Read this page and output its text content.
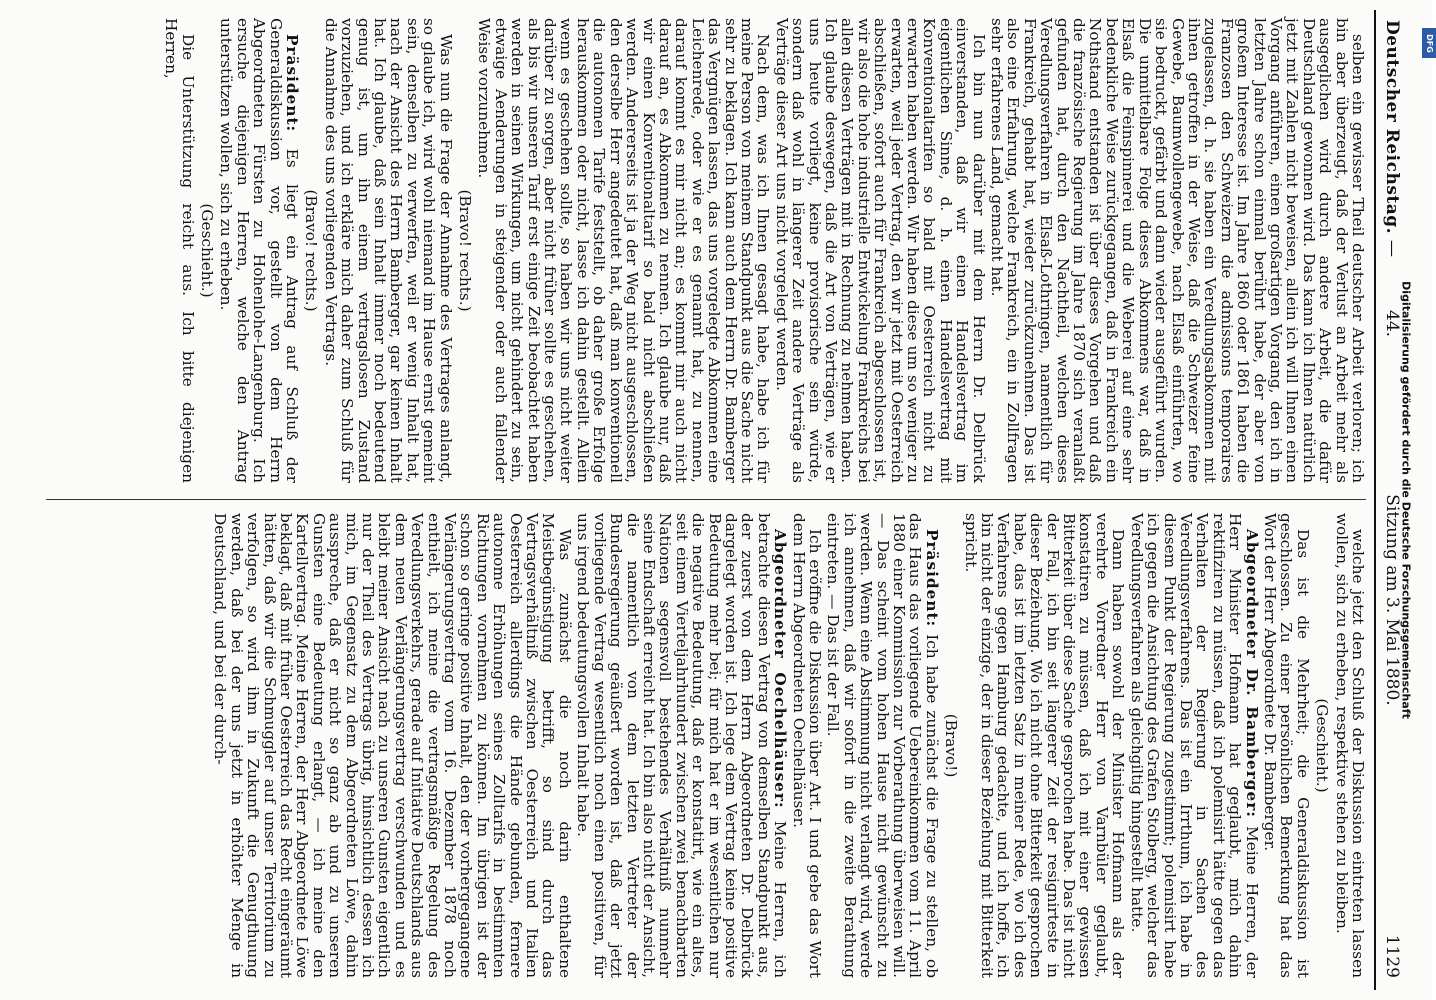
Deutscher Reichstag.
—
44.
Sitzung am 3. Mai 1880.
1129

selben ein gewisser Theil deutscher Arbeit verloren; ich bin aber überzeugt, daß der Verlust an Arbeit mehr als ausgeglichen wird durch andere Arbeit, die dafür Deutschland gewonnen wird. Das kann ich Ihnen natürlich jetzt mit Zahlen nicht beweisen, allein ich will Ihnen einen Vorgang anführen, einen großartigen Vorgang, den ich in letzten Jahre schon einmal berührt habe, der aber von großem Interesse ist. Im Jahre 1860 oder 1861 haben die Franzosen den Schweizern die admissions temporaires zugelassen, d. h. sie haben ein Veredlungsabkommen mit ihnen getroffen in der Weise, daß die Schweizer feine Gewebe, Baumwollengewebe, nach Elsaß einführten, wo sie bedruckt, gefärbt und dann wieder ausgeführt wurden. Die unmittelbare Folge dieses Abkommens war, daß in Elsaß die Feinspinnerei und die Weberei auf eine sehr bedenkliche Weise zurückgegangen, daß in Frankreich ein Nothstand entstanden ist über dieses Vorgehen und daß die französische Regierung im Jahre 1870 sich veranlaßt gefunden hat, durch den Nachtheil, welchen dieses Veredlungsverfahren in Elsaß-Lothringen, namentlich für Frankreich, gehabt hat, wieder zurückzunehmen. Das ist also eine Erfahrung, welche Frankreich, ein in Zollfragen sehr erfahrenes Land, gemacht hat.

Ich bin nun darüber mit dem Herrn Dr. Delbrück einverstanden, daß wir einen Handelsvertrag im eigentlichen Sinne, d. h. einen Handelsvertrag mit Konventionaltarifen so bald mit Oesterreich nicht zu erwarten haben werden. Wir haben diese um so weniger zu erwarten, weil jeder Vertrag, den wir jetzt mit Oesterreich abschließen, sofort auch für Frankreich abgeschlossen ist, wir also die hohe industrielle Entwickelung Frankreichs bei allen diesen Verträgen mit in Rechnung zu nehmen haben. Ich glaube deswegen, daß die Art von Verträgen, wie er uns heute vorliegt, keine provisorische sein würde, sondern daß wohl in längerer Zeit andere Verträge als Verträge dieser Art uns nicht vorgelegt werden.

Nach dem, was ich Ihnen gesagt habe, habe ich für meine Person von meinem Standpunkt aus die Sache nicht sehr zu beklagen. Ich kann auch dem Herrn Dr. Bamberger das Vergnügen lassen, das uns vorgelegte Abkommen eine Leichenrede, oder wie er es genannt hat, zu nennen, darauf kommt es mir nicht an; es kommt mir auch nicht darauf an, es Abkommen zu nennen. Ich glaube nur, daß wir einen Konventionaltarif so bald nicht abschließen werden. Andererseits ist ja der Weg nicht ausgeschlossen, den derselbe Herr angedeutet hat, daß man konventionell die autonomen Tarife feststellt, ob daher große Erfolge herauskommen oder nicht, lasse ich dahin gestellt. Allein wenn es geschehen sollte, so haben wir uns nicht weiter darüber zu sorgen, aber nicht früher sollte es geschehen, als bis wir unseren Tarif erst einige Zeit beobachtet haben werden in seinen Wirkungen, um nicht gehindert zu sein, etwaige Aenderungen in steigender oder auch fallender Weise vorzunehmen.

(Bravo! rechts.)

Was nun die Frage der Annahme des Vertrages anlangt, so glaube ich, wird wohl niemand im Hause ernst gemeint sein, denselben zu verwerfen, weil er wenig Inhalt hat, nach der Ansicht des Herrn Bamberger, gar keinen Inhalt hat. Ich glaube, daß sein Inhalt immer noch bedeutend genug ist, um ihn einem vertragslosen Zustand vorzuziehen, und ich erkläre mich daher zum Schluß für die Annahme des uns vorliegenden Vertrags.

(Bravo! rechts.)

Präsident: Es liegt ein Antrag auf Schluß der Generaldiskussion vor, gestellt von dem Herrn Abgeordneten Fürsten zu Hohenlohe-Langenburg. Ich ersuche diejenigen Herren, welche den Antrag unterstützen wollen, sich zu erheben.

(Geschieht.)

Die Unterstützung reicht aus. Ich bitte diejenigen Herren,

welche jetzt den Schluß der Diskussion eintreten lassen wollen, sich zu erheben, respektive stehen zu bleiben.

(Geschieht.)

Das ist die Mehrheit; die Generaldiskussion ist geschlossen. Zu einer persönlichen Bemerkung hat das Wort der Herr Abgeordnete Dr. Bamberger.

Abgeordneter Dr. Bamberger: Meine Herren, der Herr Minister Hofmann hat geglaubt, mich dahin rektifiziren zu müssen, daß ich polemisirt hätte gegen das Verhalten der Regierung in Sachen des Veredlungsverfahrens. Das ist ein Irrthum, ich habe in diesem Punkt der Regierung zugestimmt; polemisirt habe ich gegen die Ansichtung des Grafen Stolberg, welcher das Veredlungsverfahren als gleichgiltig hingestellt hatte.

Dann haben sowohl der Minister Hofmann als der verehrte Vorredner Herr von Varnbüler geglaubt, konstatiren zu müssen, daß ich mit einer gewissen Bitterkeit über diese Sache gesprochen habe. Das ist nicht der Fall, ich bin seit längerer Zeit der resignirteste in dieser Beziehung. Wo ich nicht ohne Bitterkeit gesprochen habe, das ist im letzten Satz in meiner Rede, wo ich des Verfahrens gegen Hamburg gedachte, und ich hoffe, ich bin nicht der einzige, der in dieser Beziehung mit Bitterkeit spricht.

(Bravo!)

Präsident: Ich habe zunächst die Frage zu stellen, ob das Haus das vorliegende Uebereinkommen vom 11. April 1880 einer Kommission zur Vorberathung überweisen will. — Das scheint vom hohen Hause nicht gewünscht zu werden. Wenn eine Abstimmung nicht verlangt wird, werde ich annehmen, daß wir sofort in die zweite Berathung eintreten. — Das ist der Fall.

Ich eröffne die Diskussion über Art. I und gebe das Wort dem Herrn Abgeordneten Oechelhäuser.

Abgeordneter Oechelhäuser: Meine Herren, ich betrachte diesen Vertrag von demselben Standpunkt aus, der zuerst von dem Herrn Abgeordneten Dr. Delbrück dargelegt worden ist. Ich lege dem Vertrag keine positive Bedeutung mehr bei; für mich hat er im wesentlichen nur die negative Bedeutung, daß er konstatirt, wie ein altes, seit einem Vierteljahrhundert zwischen zwei benachbarten Nationen segensvoll bestehendes Verhältniß nunmehr seine Endschaft erreicht hat. Ich bin also nicht der Ansicht, die namentlich von dem letzten Vertreter der Bundesregierung geäußert worden ist, daß der jetzt vorliegende Vertrag wesentlich noch einen positiven, für uns irgend bedeutungsvollen Inhalt habe.

Was zunächst die noch darin enthaltene Meistbegünstigung betrifft, so sind durch das Vertragsverhältniß zwischen Oesterreich und Italien Oesterreich allerdings die Hände gebunden, fernere autonome Erhöhungen seines Zolltarifs in bestimmten Richtungen vornehmen zu können. Im übrigen ist der schon so geringe positive Inhalt, den der vorhergegangene Verlängerungsvertrag vom 16. Dezember 1878 noch enthielt, ich meine die vertragsmäßige Regelung des Veredlungsverkehrs, gerade auf Initiative Deutschlands aus dem neuen Verlängerungsvertrag verschwunden und es bleibt meiner Ansicht nach zu unseren Gunsten eigentlich nur der Theil des Vertrags übrig, hinsichtlich dessen ich mich, im Gegensatz zu dem Abgeordneten Löwe, dahin ausspreche, daß er nicht so ganz ab und zu unseren Gunsten eine Bedeutung erlangt, — ich meine den Kartellvertrag. Meine Herren, der Herr Abgeordnete Löwe beklagt, daß mit früher Oesterreich das Recht eingeräumt hätten, daß wir die Schmuggler auf unser Territorium zu verfolgen, so wird ihm in Zukunft die Genugthuung werden, daß bei der uns jetzt in erhöhter Menge in Deutschland, und bei der durch-	Digitalisierung gefördert durch die Deutsche Forschungsgemeinschaft
DFG
